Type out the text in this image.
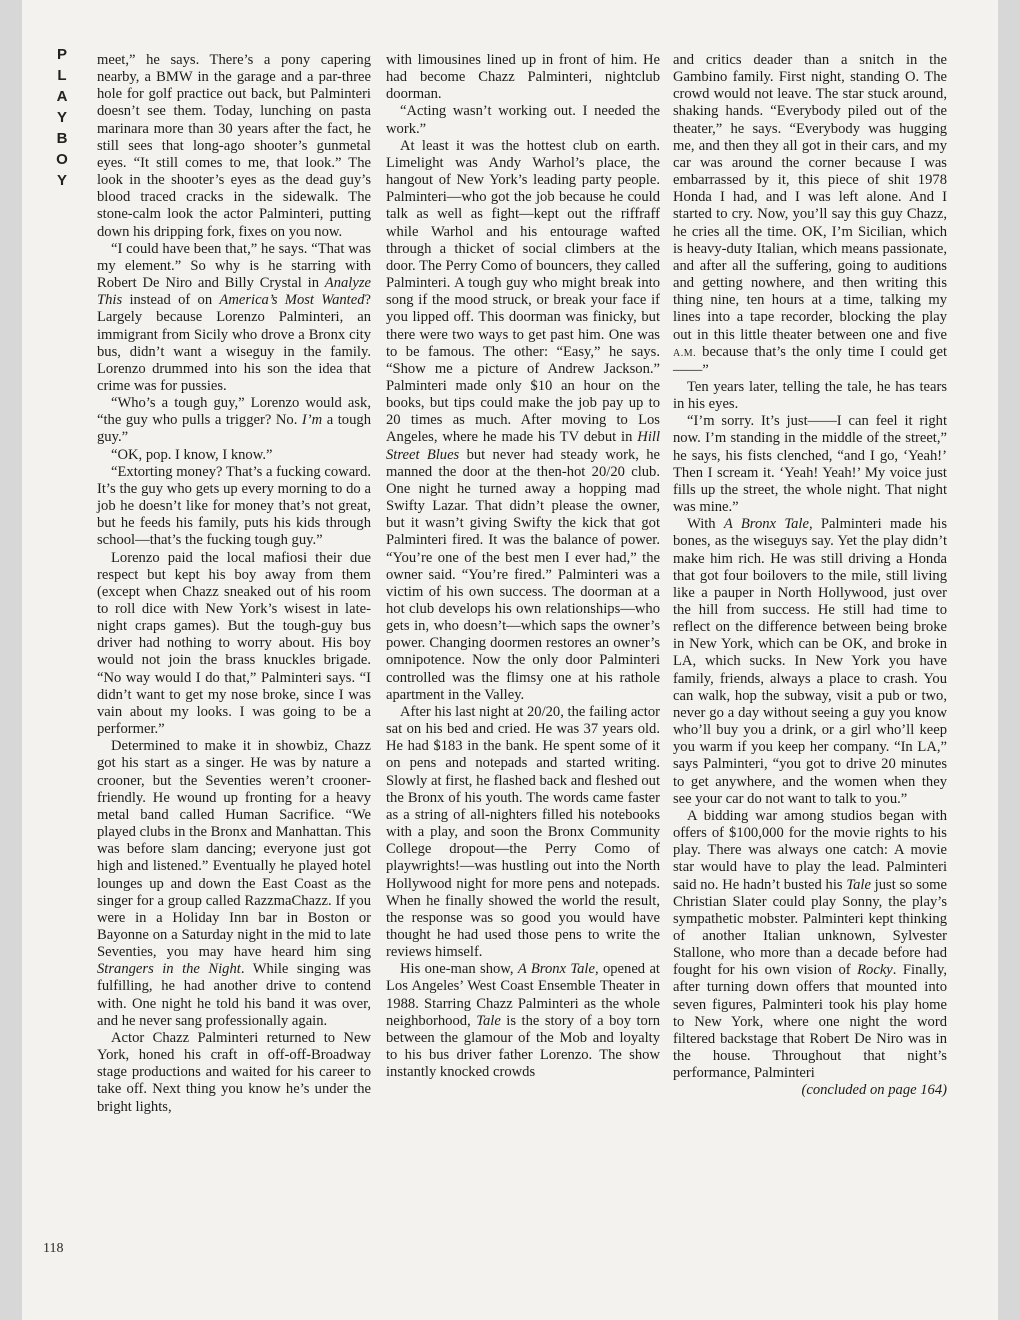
P
L
A
Y
B
O
Y
118

meet,” he says. There’s a pony capering nearby, a BMW in the garage and a par-three hole for golf practice out back, but Palminteri doesn’t see them. Today, lunching on pasta marinara more than 30 years after the fact, he still sees that long-ago shooter’s gunmetal eyes. “It still comes to me, that look.” The look in the shooter’s eyes as the dead guy’s blood traced cracks in the sidewalk. The stone-calm look the actor Palminteri, putting down his dripping fork, fixes on you now.

“I could have been that,” he says. “That was my element.” So why is he starring with Robert De Niro and Billy Crystal in Analyze This instead of on America’s Most Wanted? Largely because Lorenzo Palminteri, an immigrant from Sicily who drove a Bronx city bus, didn’t want a wiseguy in the family. Lorenzo drummed into his son the idea that crime was for pussies.

“Who’s a tough guy,” Lorenzo would ask, “the guy who pulls a trigger? No. I’m a tough guy.”

“OK, pop. I know, I know.”

“Extorting money? That’s a fucking coward. It’s the guy who gets up every morning to do a job he doesn’t like for money that’s not great, but he feeds his family, puts his kids through school—that’s the fucking tough guy.”

Lorenzo paid the local mafiosi their due respect but kept his boy away from them (except when Chazz sneaked out of his room to roll dice with New York’s wisest in late-night craps games). But the tough-guy bus driver had nothing to worry about. His boy would not join the brass knuckles brigade. “No way would I do that,” Palminteri says. “I didn’t want to get my nose broke, since I was vain about my looks. I was going to be a performer.”

Determined to make it in showbiz, Chazz got his start as a singer. He was by nature a crooner, but the Seventies weren’t crooner-friendly. He wound up fronting for a heavy metal band called Human Sacrifice. “We played clubs in the Bronx and Manhattan. This was before slam dancing; everyone just got high and listened.” Eventually he played hotel lounges up and down the East Coast as the singer for a group called RazzmaChazz. If you were in a Holiday Inn bar in Boston or Bayonne on a Saturday night in the mid to late Seventies, you may have heard him sing Strangers in the Night. While singing was fulfilling, he had another drive to contend with. One night he told his band it was over, and he never sang professionally again.

Actor Chazz Palminteri returned to New York, honed his craft in off-off-Broadway stage productions and waited for his career to take off. Next thing you know he’s under the bright lights,

with limousines lined up in front of him. He had become Chazz Palminteri, nightclub doorman.

“Acting wasn’t working out. I needed the work.”

At least it was the hottest club on earth. Limelight was Andy Warhol’s place, the hangout of New York’s leading party people. Palminteri—who got the job because he could talk as well as fight—kept out the riffraff while Warhol and his entourage wafted through a thicket of social climbers at the door. The Perry Como of bouncers, they called Palminteri. A tough guy who might break into song if the mood struck, or break your face if you lipped off. This doorman was finicky, but there were two ways to get past him. One was to be famous. The other: “Easy,” he says. “Show me a picture of Andrew Jackson.” Palminteri made only $10 an hour on the books, but tips could make the job pay up to 20 times as much. After moving to Los Angeles, where he made his TV debut in Hill Street Blues but never had steady work, he manned the door at the then-hot 20/20 club. One night he turned away a hopping mad Swifty Lazar. That didn’t please the owner, but it wasn’t giving Swifty the kick that got Palminteri fired. It was the balance of power. “You’re one of the best men I ever had,” the owner said. “You’re fired.” Palminteri was a victim of his own success. The doorman at a hot club develops his own relationships—who gets in, who doesn’t—which saps the owner’s power. Changing doormen restores an owner’s omnipotence. Now the only door Palminteri controlled was the flimsy one at his rathole apartment in the Valley.

After his last night at 20/20, the failing actor sat on his bed and cried. He was 37 years old. He had $183 in the bank. He spent some of it on pens and notepads and started writing. Slowly at first, he flashed back and fleshed out the Bronx of his youth. The words came faster as a string of all-nighters filled his notebooks with a play, and soon the Bronx Community College dropout—the Perry Como of playwrights!—was hustling out into the North Hollywood night for more pens and notepads. When he finally showed the world the result, the response was so good you would have thought he had used those pens to write the reviews himself.

His one-man show, A Bronx Tale, opened at Los Angeles’ West Coast Ensemble Theater in 1988. Starring Chazz Palminteri as the whole neighborhood, Tale is the story of a boy torn between the glamour of the Mob and loyalty to his bus driver father Lorenzo. The show instantly knocked crowds

and critics deader than a snitch in the Gambino family. First night, standing O. The crowd would not leave. The star stuck around, shaking hands. “Everybody piled out of the theater,” he says. “Everybody was hugging me, and then they all got in their cars, and my car was around the corner because I was embarrassed by it, this piece of shit 1978 Honda I had, and I was left alone. And I started to cry. Now, you’ll say this guy Chazz, he cries all the time. OK, I’m Sicilian, which is heavy-duty Italian, which means passionate, and after all the suffering, going to auditions and getting nowhere, and then writing this thing nine, ten hours at a time, talking my lines into a tape recorder, blocking the play out in this little theater between one and five A.M. because that’s the only time I could get——”

Ten years later, telling the tale, he has tears in his eyes.

“I’m sorry. It’s just——I can feel it right now. I’m standing in the middle of the street,” he says, his fists clenched, “and I go, ‘Yeah!’ Then I scream it. ‘Yeah! Yeah!’ My voice just fills up the street, the whole night. That night was mine.”

With A Bronx Tale, Palminteri made his bones, as the wiseguys say. Yet the play didn’t make him rich. He was still driving a Honda that got four boilovers to the mile, still living like a pauper in North Hollywood, just over the hill from success. He still had time to reflect on the difference between being broke in New York, which can be OK, and broke in LA, which sucks. In New York you have family, friends, always a place to crash. You can walk, hop the subway, visit a pub or two, never go a day without seeing a guy you know who’ll buy you a drink, or a girl who’ll keep you warm if you keep her company. “In LA,” says Palminteri, “you got to drive 20 minutes to get anywhere, and the women when they see your car do not want to talk to you.”

A bidding war among studios began with offers of $100,000 for the movie rights to his play. There was always one catch: A movie star would have to play the lead. Palminteri said no. He hadn’t busted his Tale just so some Christian Slater could play Sonny, the play’s sympathetic mobster. Palminteri kept thinking of another Italian unknown, Sylvester Stallone, who more than a decade before had fought for his own vision of Rocky. Finally, after turning down offers that mounted into seven figures, Palminteri took his play home to New York, where one night the word filtered backstage that Robert De Niro was in the house. Throughout that night’s performance, Palminteri

(concluded on page 164)
